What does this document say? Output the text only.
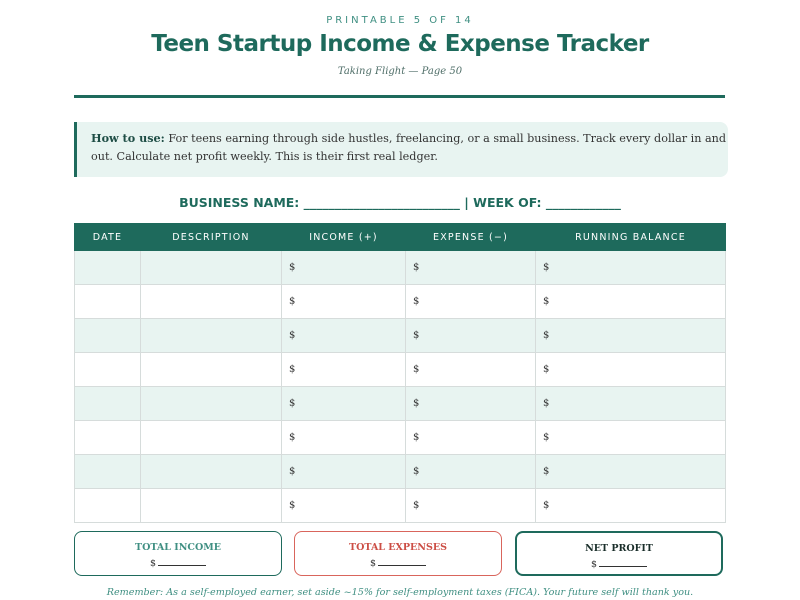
PRINTABLE 5 OF 14
Teen Startup Income & Expense Tracker
Taking Flight — Page 50
How to use: For teens earning through side hustles, freelancing, or a small business. Track every dollar in and out. Calculate net profit weekly. This is their first real ledger.
BUSINESS NAME: _________________________ | WEEK OF: ____________
DATE	DESCRIPTION	INCOME (+)	EXPENSE (−)	RUNNING BALANCE
		$	$	$
		$	$	$
		$	$	$
		$	$	$
		$	$	$
		$	$	$
		$	$	$
		$	$	$
TOTAL INCOME
$
TOTAL EXPENSES
$
NET PROFIT
$
Remember: As a self-employed earner, set aside ~15% for self-employment taxes (FICA). Your future self will thank you.
